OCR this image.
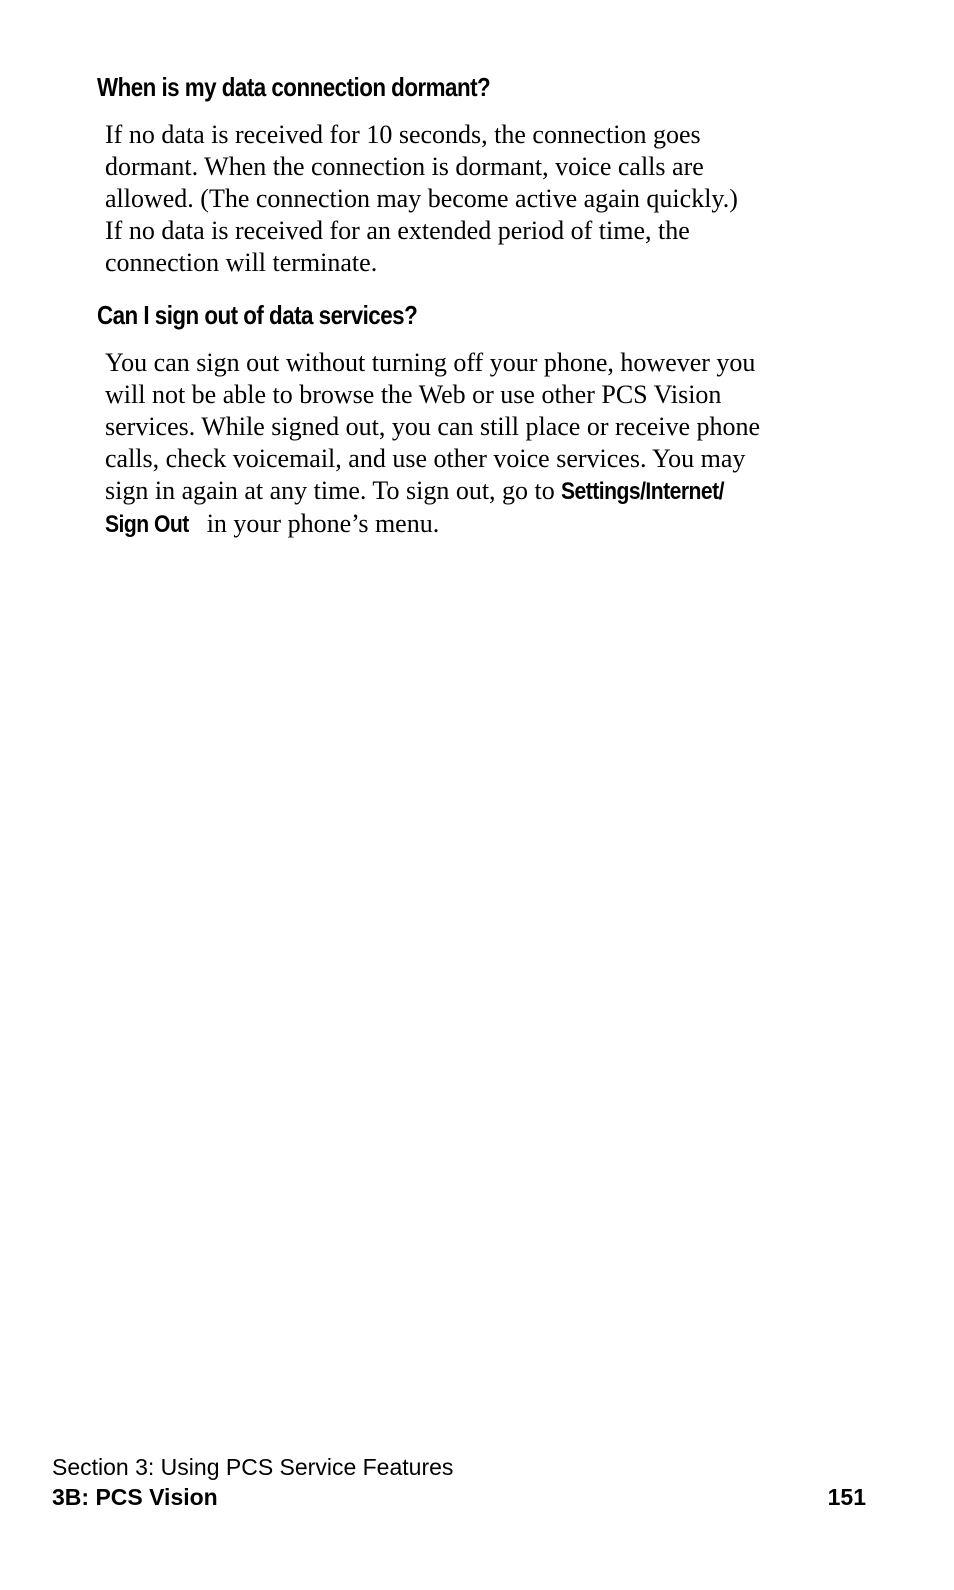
When is my data connection dormant?

If no data is received for 10 seconds, the connection goes
dormant. When the connection is dormant, voice calls are
allowed. (The connection may become active again quickly.)
If no data is received for an extended period of time, the
connection will terminate.

Can I sign out of data services?

You can sign out without turning off your phone, however you
will not be able to browse the Web or use other PCS Vision
services. While signed out, you can still place or receive phone
calls, check voicemail, and use other voice services. You may
sign in again at any time. To sign out, go to Settings/Internet/
Sign Out in your phone’s menu.

Section 3: Using PCS Service Features
3B: PCS Vision	151
